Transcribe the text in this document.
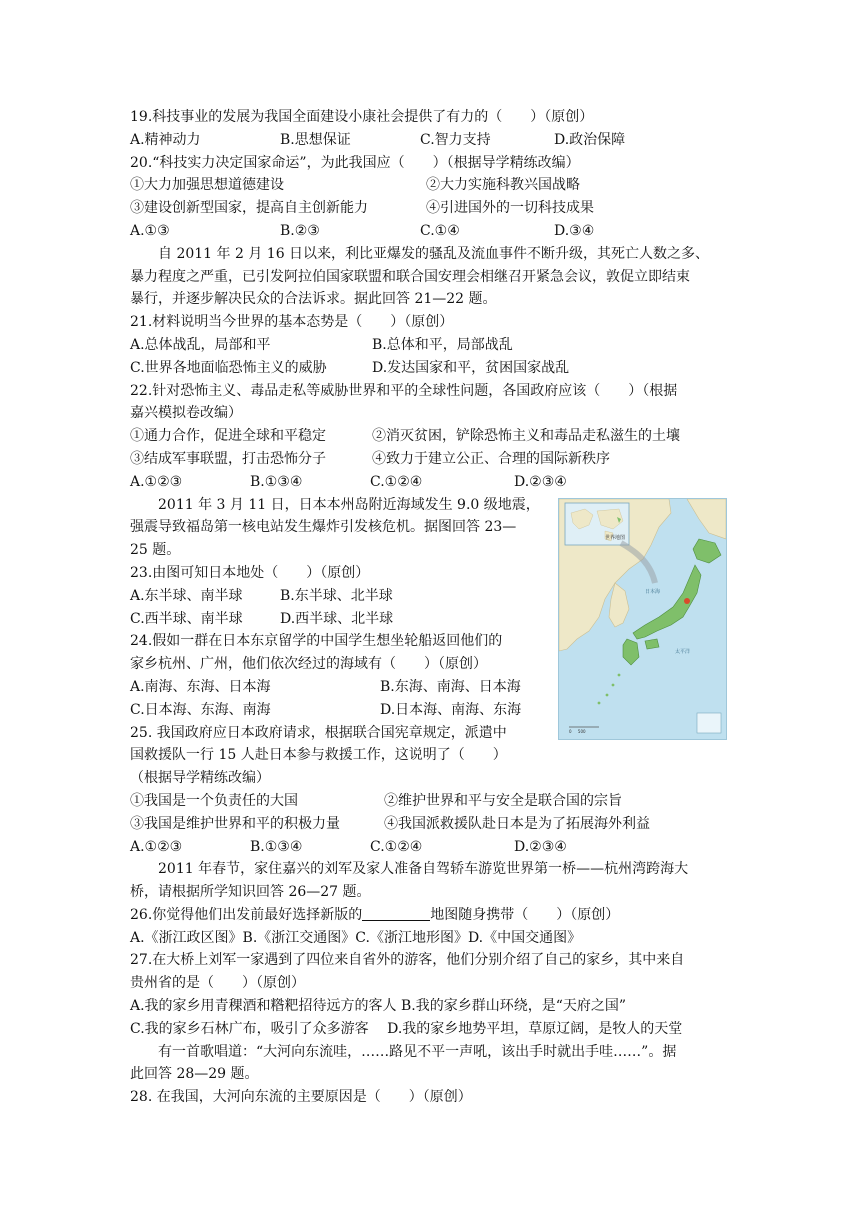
19.科技事业的发展为我国全面建设小康社会提供了有力的（　　）（原创）
A.精神动力	B.思想保证	C.智力支持	D.政治保障
20.“科技实力决定国家命运”，为此我国应（　　）（根据导学精练改编）
①大力加强思想道德建设	②大力实施科教兴国战略
③建设创新型国家，提高自主创新能力	④引进国外的一切科技成果
A.①③	B.②③	C.①④	D.③④
自 2011 年 2 月 16 日以来，利比亚爆发的骚乱及流血事件不断升级，其死亡人数之多、
暴力程度之严重，已引发阿拉伯国家联盟和联合国安理会相继召开紧急会议，敦促立即结束
暴行，并逐步解决民众的合法诉求。据此回答 21—22 题。
21.材料说明当今世界的基本态势是（　　）（原创）
A.总体战乱，局部和平	B.总体和平，局部战乱
C.世界各地面临恐怖主义的威胁	D.发达国家和平，贫困国家战乱
22.针对恐怖主义、毒品走私等威胁世界和平的全球性问题，各国政府应该（　　）（根据
嘉兴模拟卷改编）
①通力合作，促进全球和平稳定	②消灭贫困，铲除恐怖主义和毒品走私滋生的土壤
③结成军事联盟，打击恐怖分子	④致力于建立公正、合理的国际新秩序
A.①②③	B.①③④	C.①②④	D.②③④
2011 年 3 月 11 日，日本本州岛附近海域发生 9.0 级地震，
强震导致福岛第一核电站发生爆炸引发核危机。据图回答 23—
25 题。
23.由图可知日本地处（　　）（原创）
A.东半球、南半球	B.东半球、北半球
C.西半球、南半球	D.西半球、北半球
24.假如一群在日本东京留学的中国学生想坐轮船返回他们的
家乡杭州、广州，他们依次经过的海域有（　　）（原创）
A.南海、东海、日本海	B.东海、南海、日本海
C.日本海、东海、南海	D.日本海、南海、东海
25. 我国政府应日本政府请求，根据联合国宪章规定，派遣中
国救援队一行 15 人赴日本参与救援工作，这说明了（　　）
（根据导学精练改编）
①我国是一个负责任的大国	②维护世界和平与安全是联合国的宗旨
③我国是维护世界和平的积极力量	④我国派救援队赴日本是为了拓展海外利益
A.①②③	B.①③④	C.①②④	D.②③④
2011 年春节，家住嘉兴的刘军及家人准备自驾轿车游览世界第一桥——杭州湾跨海大
桥，请根据所学知识回答 26—27 题。
26.你觉得他们出发前最好选择新版的	地图随身携带（　　）（原创）
A.《浙江政区图》B.《浙江交通图》C.《浙江地形图》D.《中国交通图》
27.在大桥上刘军一家遇到了四位来自省外的游客，他们分别介绍了自己的家乡，其中来自
贵州省的是（　　）（原创）
A.我的家乡用青稞酒和糌粑招待远方的客人 B.我的家乡群山环绕，是“天府之国”
C.我的家乡石林广布，吸引了众多游客　 D.我的家乡地势平坦，草原辽阔，是牧人的天堂
有一首歌唱道：“大河向东流哇，……路见不平一声吼，该出手时就出手哇……”。据
此回答 28—29 题。
28. 在我国，大河向东流的主要原因是（　　）（原创）
世界地图
日本海
太平洋
0     500
